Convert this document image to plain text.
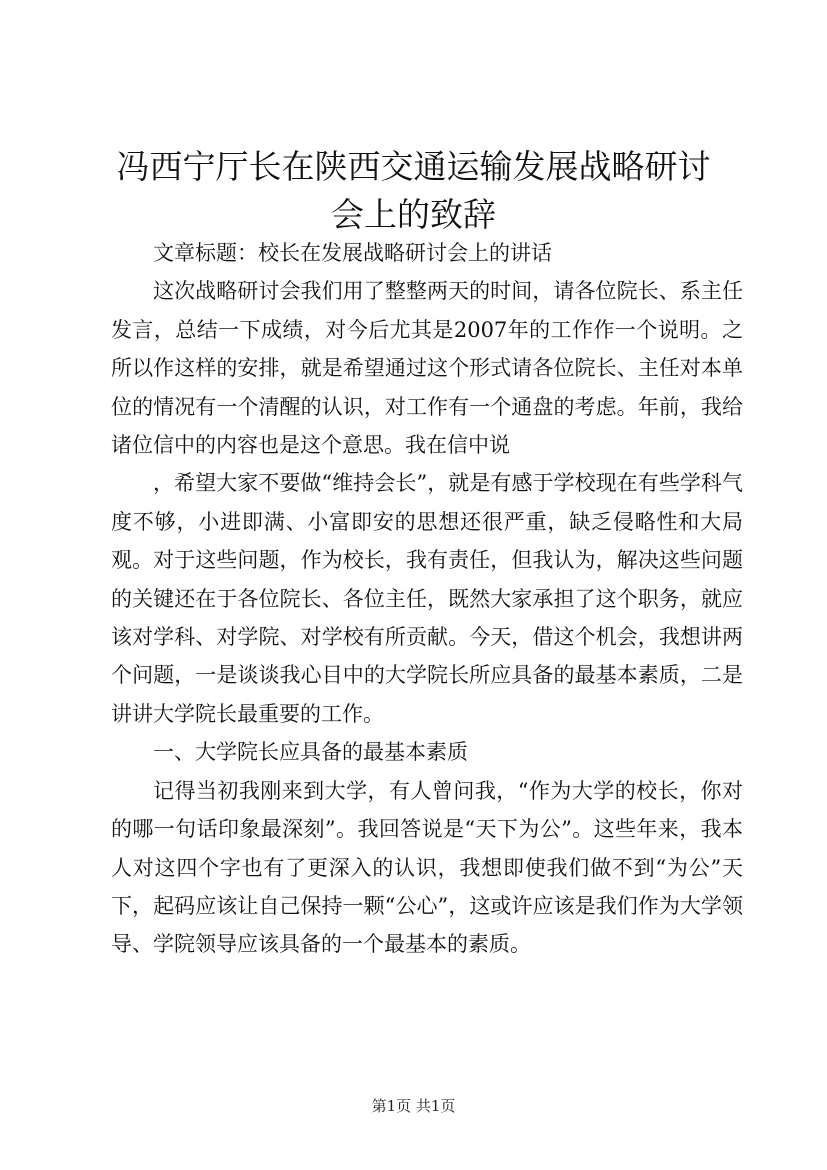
冯西宁厅长在陕西交通运输发展战略研讨会上的致辞

文章标题：校长在发展战略研讨会上的讲话

这次战略研讨会我们用了整整两天的时间，请各位院长、系主任发言，总结一下成绩，对今后尤其是2007年的工作作一个说明。之所以作这样的安排，就是希望通过这个形式请各位院长、主任对本单位的情况有一个清醒的认识，对工作有一个通盘的考虑。年前，我给诸位信中的内容也是这个意思。我在信中说

，希望大家不要做“维持会长”，就是有感于学校现在有些学科气度不够，小进即满、小富即安的思想还很严重，缺乏侵略性和大局观。对于这些问题，作为校长，我有责任，但我认为，解决这些问题的关键还在于各位院长、各位主任，既然大家承担了这个职务，就应该对学科、对学院、对学校有所贡献。今天，借这个机会，我想讲两个问题，一是谈谈我心目中的大学院长所应具备的最基本素质，二是讲讲大学院长最重要的工作。

一、大学院长应具备的最基本素质

记得当初我刚来到大学，有人曾问我，“作为大学的校长，你对的哪一句话印象最深刻”。我回答说是“天下为公”。这些年来，我本人对这四个字也有了更深入的认识，我想即使我们做不到“为公”天下，起码应该让自己保持一颗“公心”，这或许应该是我们作为大学领导、学院领导应该具备的一个最基本的素质。

第1页 共1页
